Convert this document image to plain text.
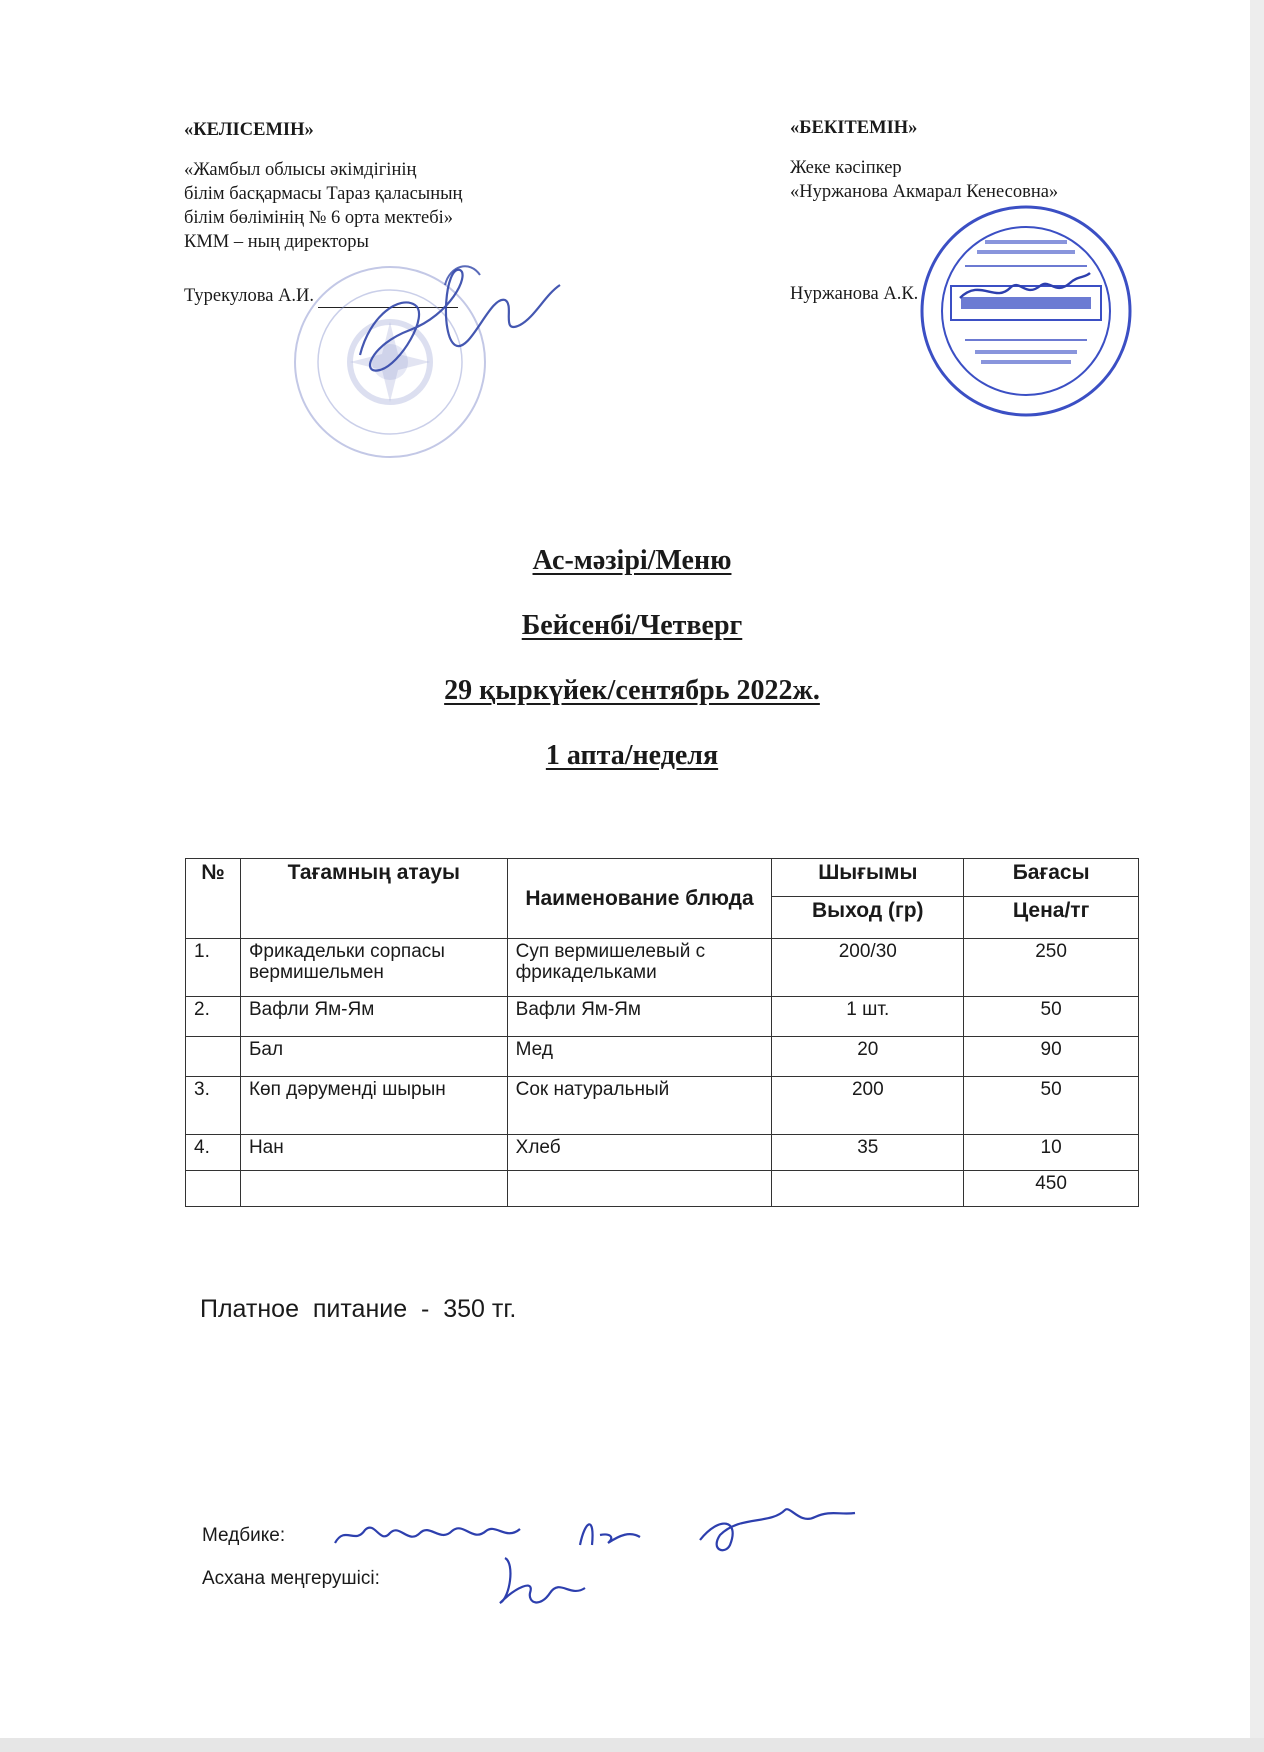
«КЕЛІСЕМІН»
«Жамбыл облысы әкімдігінің
білім басқармасы Тараз қаласының
білім бөлімінің № 6 орта мектебі»
КММ – ның директоры
Турекулова А.И.
«БЕКІТЕМІН»
Жеке кәсіпкер
«Нуржанова Акмарал Кенесовна»
Нуржанова А.К.
Ас-мәзірі/Меню
Бейсенбі/Четверг
29 қыркүйек/сентябрь 2022ж.
1 апта/неделя
№	Тағамның атауы	Наименование блюда	Шығымы	Бағасы
			Выход (гр)	Цена/тг
1.	Фрикадельки сорпасы вермишельмен	Суп вермишелевый с фрикадельками	200/30	250
2.	Вафли Ям-Ям	Вафли Ям-Ям	1 шт.	50
	Бал	Мед	20	90
3.	Көп дәрумендi шырын	Сок натуральный	200	50
4.	Нан	Хлеб	35	10
				450
Платное  питание  -  350 тг.
Медбике:
Асхана меңгерушісі:
